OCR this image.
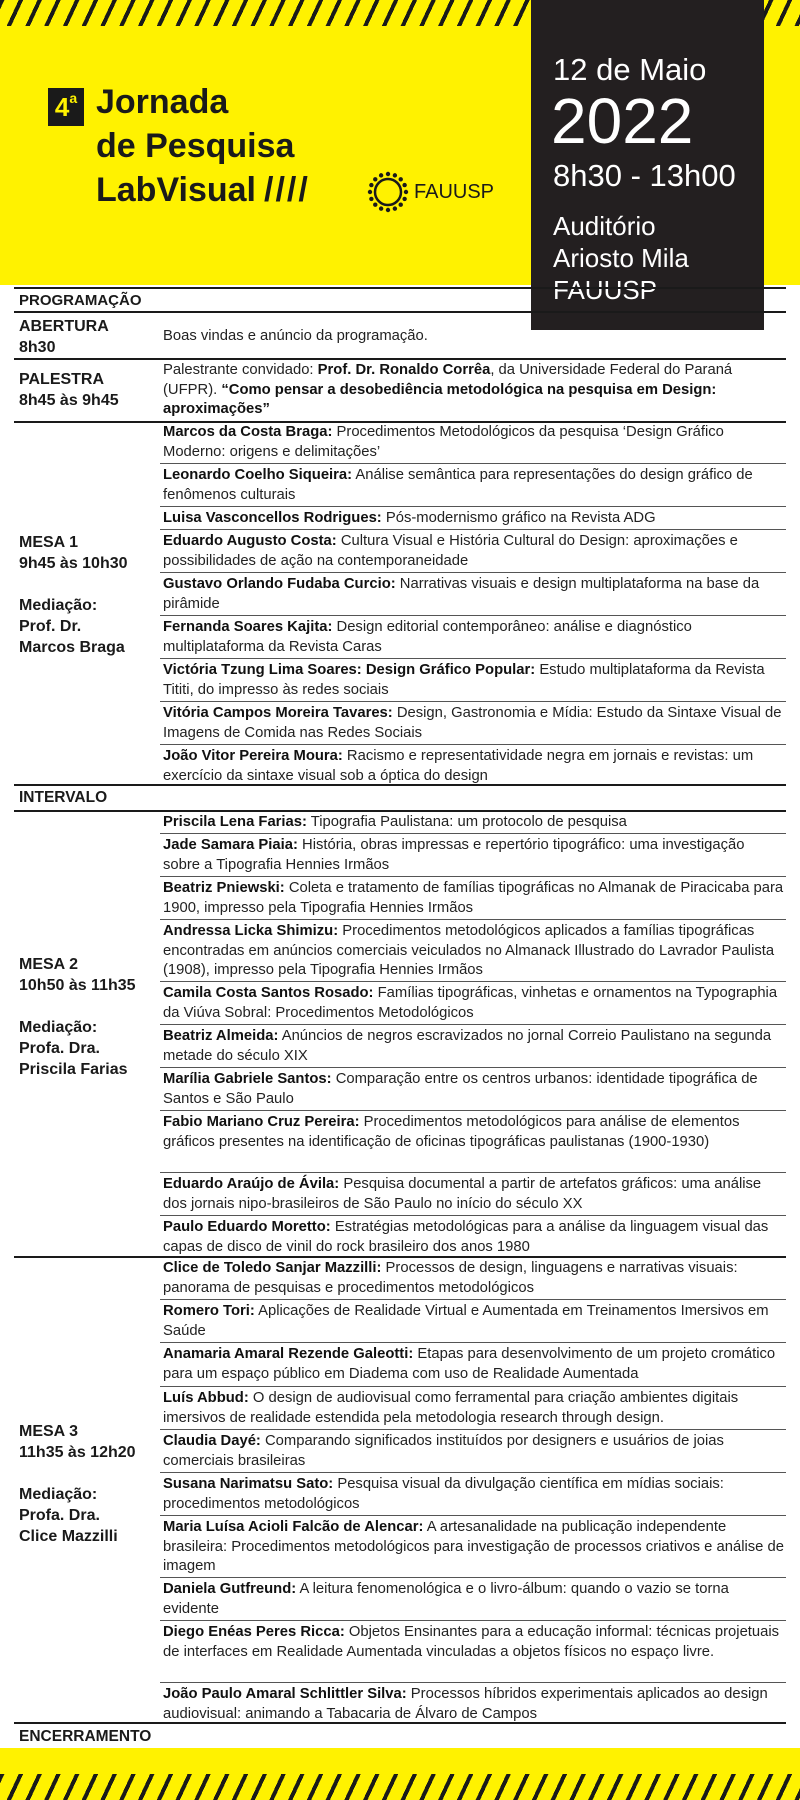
4$^a$ Jornada
de Pesquisa
LabVisual ////	FAUUSP
12 de Maio
2022
8h30 - 13h00
Auditório
Ariosto Mila
FAUUSP
PROGRAMAÇÃO
ABERTURA
8h30
Boas vindas e anúncio da programação.
PALESTRA
8h45 às 9h45
Palestrante convidado: Prof. Dr. Ronaldo Corrêa, da Universidade Federal do Paraná (UFPR). “Como pensar a desobediência metodológica na pesquisa em Design: aproximações”
MESA 1
9h45 às 10h30

Mediação:
Prof. Dr.
Marcos Braga
Marcos da Costa Braga: Procedimentos Metodológicos da pesquisa ‘Design Gráfico Moderno: origens e delimitações’
Leonardo Coelho Siqueira: Análise semântica para representações do design gráfico de fenômenos culturais
Luisa Vasconcellos Rodrigues: Pós-modernismo gráfico na Revista ADG
Eduardo Augusto Costa: Cultura Visual e História Cultural do Design: aproximações e possibilidades de ação na contemporaneidade
Gustavo Orlando Fudaba Curcio: Narrativas visuais e design multiplataforma na base da pirâmide
Fernanda Soares Kajita: Design editorial contemporâneo: análise e diagnóstico multiplataforma da Revista Caras
Victória Tzung Lima Soares: Design Gráfico Popular: Estudo multiplataforma da Revista Tititi, do impresso às redes sociais
Vitória Campos Moreira Tavares: Design, Gastronomia e Mídia: Estudo da Sintaxe Visual de Imagens de Comida nas Redes Sociais
João Vitor Pereira Moura: Racismo e representatividade negra em jornais e revistas: um exercício da sintaxe visual sob a óptica do design
INTERVALO
MESA 2
10h50 às 11h35

Mediação:
Profa. Dra.
Priscila Farias
Priscila Lena Farias: Tipografia Paulistana: um protocolo de pesquisa
Jade Samara Piaia: História, obras impressas e repertório tipográfico: uma investigação sobre a Tipografia Hennies Irmãos
Beatriz Pniewski: Coleta e tratamento de famílias tipográficas no Almanak de Piracicaba para 1900, impresso pela Tipografia Hennies Irmãos
Andressa Licka Shimizu: Procedimentos metodológicos aplicados a famílias tipográficas encontradas em anúncios comerciais veiculados no Almanack Illustrado do Lavrador Paulista (1908), impresso pela Tipografia Hennies Irmãos
Camila Costa Santos Rosado: Famílias tipográficas, vinhetas e ornamentos na Typographia da Viúva Sobral: Procedimentos Metodológicos
Beatriz Almeida: Anúncios de negros escravizados no jornal Correio Paulistano na segunda metade do século XIX
Marília Gabriele Santos: Comparação entre os centros urbanos: identidade tipográfica de Santos e São Paulo
Fabio Mariano Cruz Pereira: Procedimentos metodológicos para análise de elementos gráficos presentes na identificação de oficinas tipográficas paulistanas (1900-1930)
Eduardo Araújo de Ávila: Pesquisa documental a partir de artefatos gráficos: uma análise dos jornais nipo-brasileiros de São Paulo no início do século XX
Paulo Eduardo Moretto: Estratégias metodológicas para a análise da linguagem visual das capas de disco de vinil do rock brasileiro dos anos 1980
MESA 3
11h35 às 12h20

Mediação:
Profa. Dra.
Clice Mazzilli
Clice de Toledo Sanjar Mazzilli: Processos de design, linguagens e narrativas visuais: panorama de pesquisas e procedimentos metodológicos
Romero Tori: Aplicações de Realidade Virtual e Aumentada em Treinamentos Imersivos em Saúde
Anamaria Amaral Rezende Galeotti: Etapas para desenvolvimento de um projeto cromático para um espaço público em Diadema com uso de Realidade Aumentada
Luís Abbud: O design de audiovisual como ferramental para criação ambientes digitais imersivos de realidade estendida pela metodologia research through design.
Claudia Dayé: Comparando significados instituídos por designers e usuários de joias comerciais brasileiras
Susana Narimatsu Sato: Pesquisa visual da divulgação científica em mídias sociais: procedimentos metodológicos
Maria Luísa Acioli Falcão de Alencar: A artesanalidade na publicação independente brasileira: Procedimentos metodológicos para investigação de processos criativos e análise de imagem
Daniela Gutfreund: A leitura fenomenológica e o livro-álbum: quando o vazio se torna evidente
Diego Enéas Peres Ricca: Objetos Ensinantes para a educação informal: técnicas projetuais de interfaces em Realidade Aumentada vinculadas a objetos físicos no espaço livre.
João Paulo Amaral Schlittler Silva: Processos híbridos experimentais aplicados ao design audiovisual: animando a Tabacaria de Álvaro de Campos
ENCERRAMENTO
